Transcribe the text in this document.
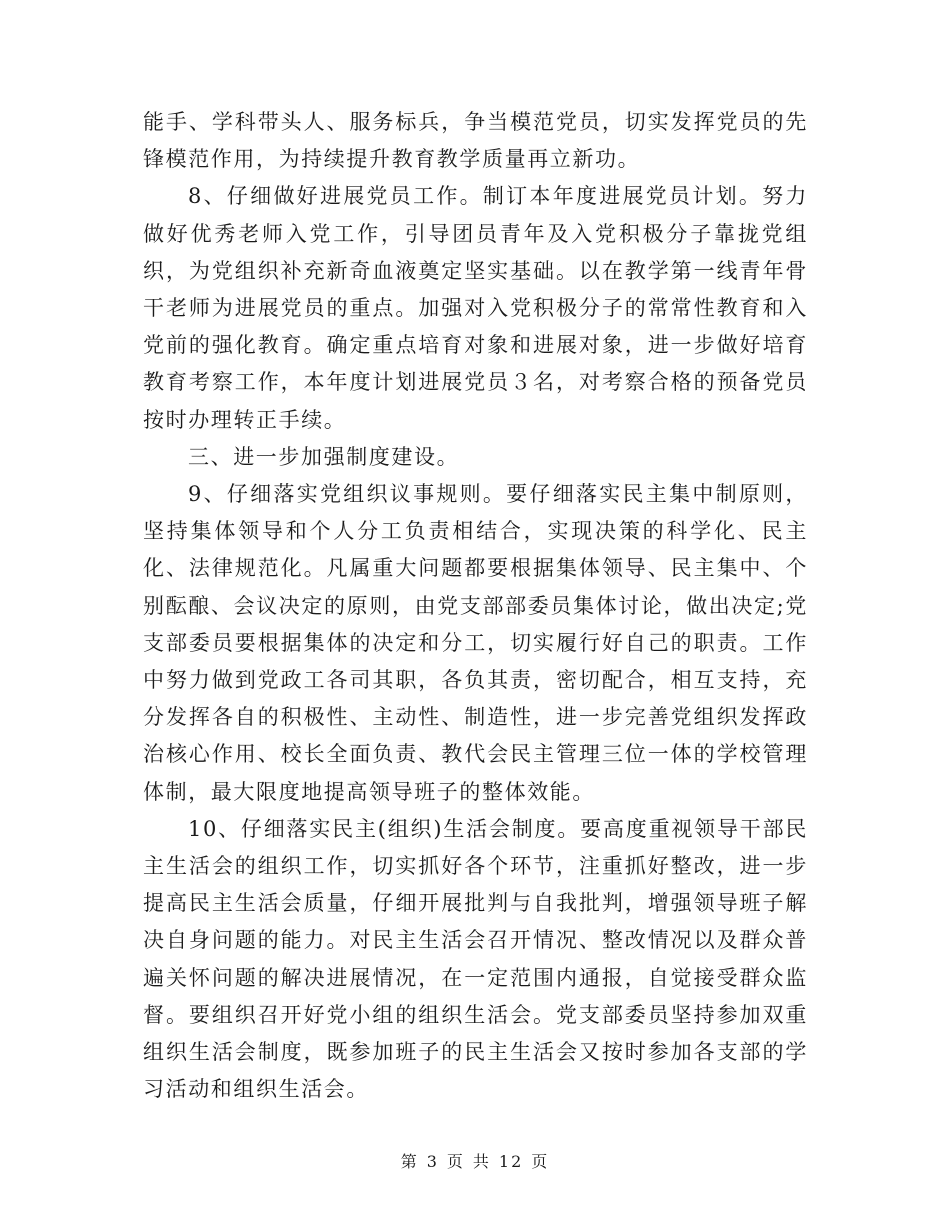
能手、学科带头人、服务标兵，争当模范党员，切实发挥党员的先锋模范作用，为持续提升教育教学质量再立新功。

8、仔细做好进展党员工作。制订本年度进展党员计划。努力做好优秀老师入党工作，引导团员青年及入党积极分子靠拢党组织，为党组织补充新奇血液奠定坚实基础。以在教学第一线青年骨干老师为进展党员的重点。加强对入党积极分子的常常性教育和入党前的强化教育。确定重点培育对象和进展对象，进一步做好培育教育考察工作，本年度计划进展党员３名，对考察合格的预备党员按时办理转正手续。

三、进一步加强制度建设。

9、仔细落实党组织议事规则。要仔细落实民主集中制原则，坚持集体领导和个人分工负责相结合，实现决策的科学化、民主化、法律规范化。凡属重大问题都要根据集体领导、民主集中、个别酝酿、会议决定的原则，由党支部部委员集体讨论，做出决定;党支部委员要根据集体的决定和分工，切实履行好自己的职责。工作中努力做到党政工各司其职，各负其责，密切配合，相互支持，充分发挥各自的积极性、主动性、制造性，进一步完善党组织发挥政治核心作用、校长全面负责、教代会民主管理三位一体的学校管理体制，最大限度地提高领导班子的整体效能。

10、仔细落实民主(组织)生活会制度。要高度重视领导干部民主生活会的组织工作，切实抓好各个环节，注重抓好整改，进一步提高民主生活会质量，仔细开展批判与自我批判，增强领导班子解决自身问题的能力。对民主生活会召开情况、整改情况以及群众普遍关怀问题的解决进展情况，在一定范围内通报，自觉接受群众监督。要组织召开好党小组的组织生活会。党支部委员坚持参加双重组织生活会制度，既参加班子的民主生活会又按时参加各支部的学习活动和组织生活会。

第 3 页 共 12 页
